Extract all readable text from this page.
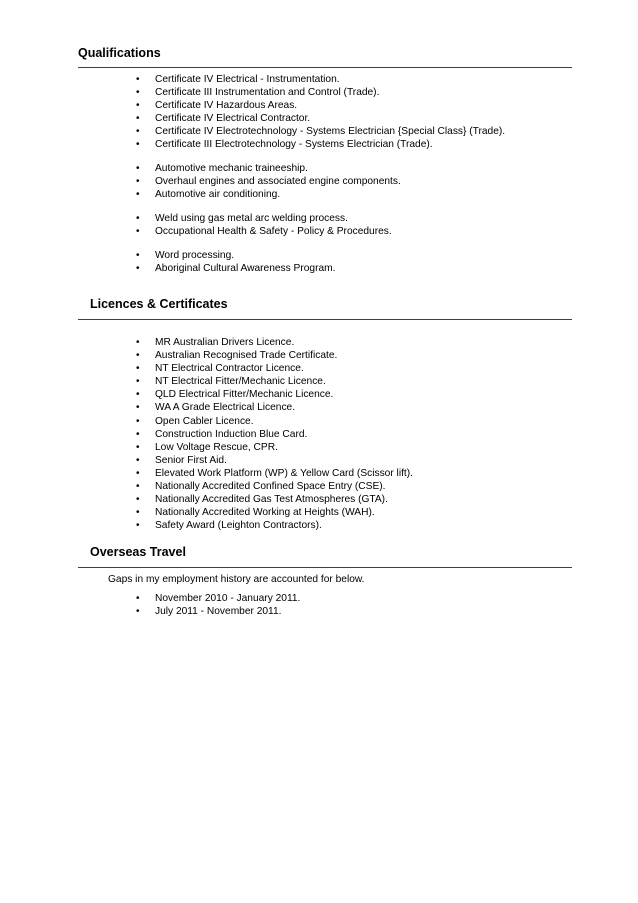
Qualifications
• Certificate IV Electrical - Instrumentation.
• Certificate III Instrumentation and Control (Trade).
• Certificate IV Hazardous Areas.
• Certificate IV Electrical Contractor.
• Certificate IV Electrotechnology - Systems Electrician {Special Class} (Trade).
• Certificate III Electrotechnology - Systems Electrician (Trade).
• Automotive mechanic traineeship.
• Overhaul engines and associated engine components.
• Automotive air conditioning.
• Weld using gas metal arc welding process.
• Occupational Health & Safety - Policy & Procedures.
• Word processing.
• Aboriginal Cultural Awareness Program.
Licences & Certificates
• MR Australian Drivers Licence.
• Australian Recognised Trade Certificate.
• NT Electrical Contractor Licence.
• NT Electrical Fitter/Mechanic Licence.
• QLD Electrical Fitter/Mechanic Licence.
• WA A Grade Electrical Licence.
• Open Cabler Licence.
• Construction Induction Blue Card.
• Low Voltage Rescue, CPR.
• Senior First Aid.
• Elevated Work Platform (WP) & Yellow Card (Scissor lift).
• Nationally Accredited Confined Space Entry (CSE).
• Nationally Accredited Gas Test Atmospheres (GTA).
• Nationally Accredited Working at Heights (WAH).
• Safety Award (Leighton Contractors).
Overseas Travel

Gaps in my employment history are accounted for below.

• November 2010 - January 2011.
• July 2011 - November 2011.
